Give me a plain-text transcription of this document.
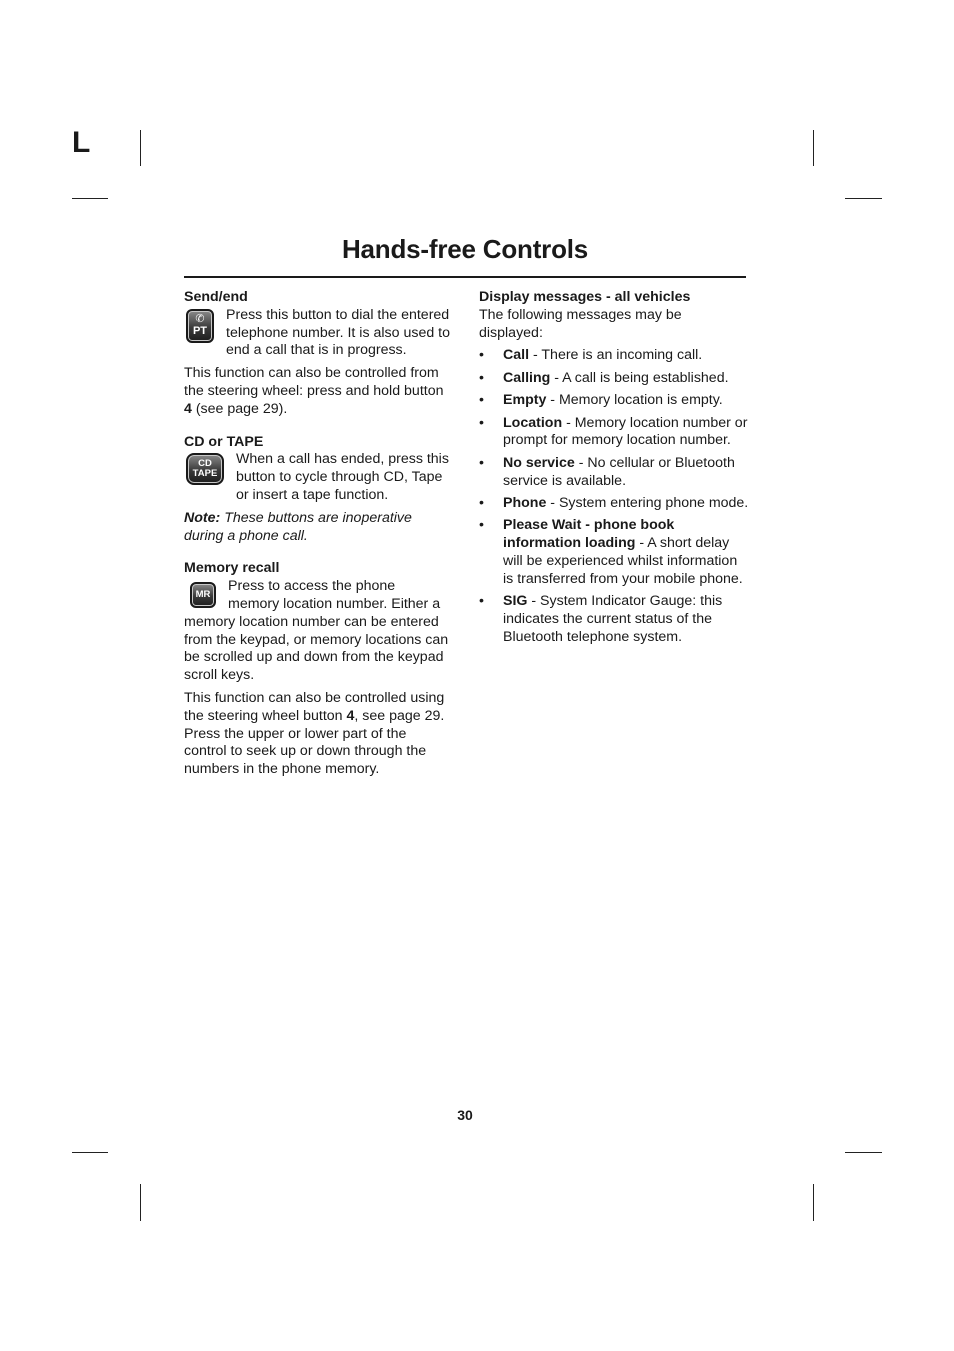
L
Hands-free Controls

Send/end

✆
PT

Press this button to dial the entered telephone number. It is also used to end a call that is in progress.

This function can also be controlled from the steering wheel: press and hold button 4 (see page 29).

CD or TAPE

CD
TAPE

When a call has ended, press this button to cycle through CD, Tape or insert a tape function.

Note: These buttons are inoperative during a phone call.

Memory recall

MR

Press to access the phone memory location number. Either a memory location number can be entered from the keypad, or memory locations can be scrolled up and down from the keypad scroll keys.

This function can also be controlled using the steering wheel button 4, see page 29. Press the upper or lower part of the control to seek up or down through the numbers in the phone memory.

Display messages - all vehicles

The following messages may be displayed:

• Call - There is an incoming call.
• Calling - A call is being established.
• Empty - Memory location is empty.
• Location - Memory location number or prompt for memory location number.
• No service - No cellular or Bluetooth service is available.
• Phone - System entering phone mode.
• Please Wait - phone book information loading - A short delay will be experienced whilst information is transferred from your mobile phone.
• SIG - System Indicator Gauge: this indicates the current status of the Bluetooth telephone system.
30
